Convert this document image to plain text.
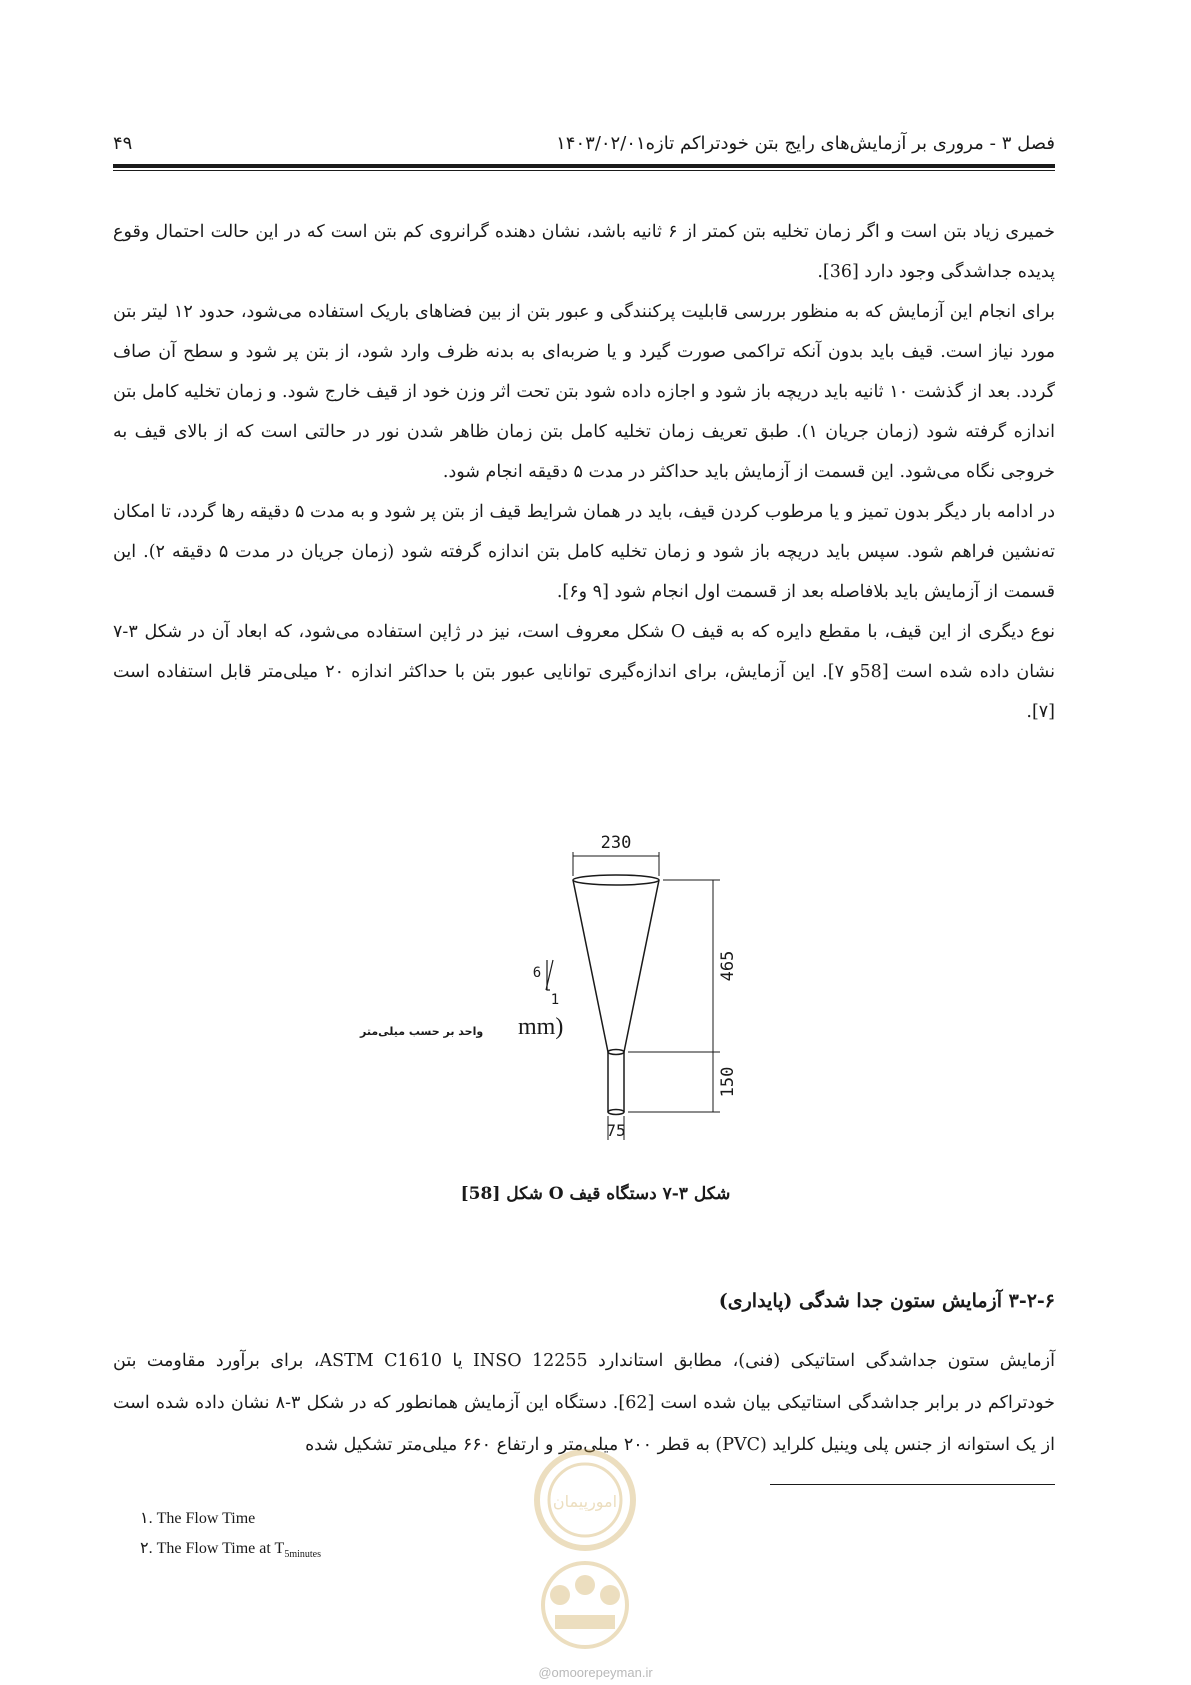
فصل ۳ - مروری بر آزمایش‌های رایج بتن خودتراکم تازه۱۴۰۳/۰۲/۰۱
۴۹

خمیری زیاد بتن است و اگر زمان تخلیه بتن کمتر از ۶ ثانیه باشد، نشان دهنده گرانروی کم بتن است که در این حالت احتمال وقوع پدیده جداشدگی وجود دارد [36].

برای انجام این آزمایش که به منظور بررسی قابلیت پرکنندگی و عبور بتن از بین فضاهای باریک استفاده می‌شود، حدود ۱۲ لیتر بتن مورد نیاز است. قیف باید بدون آنکه تراکمی صورت گیرد و یا ضربه‌ای به بدنه ظرف وارد شود، از بتن پر شود و سطح آن صاف گردد. بعد از گذشت ۱۰ ثانیه باید دریچه باز شود و اجازه داده شود بتن تحت اثر وزن خود از قیف خارج شود. و زمان تخلیه کامل بتن اندازه گرفته شود (زمان جریان ۱). طبق تعریف زمان تخلیه کامل بتن زمان ظاهر شدن نور در حالتی است که از بالای قیف به خروجی نگاه می‌شود. این قسمت از آزمایش باید حداکثر در مدت ۵ دقیقه انجام شود.

در ادامه بار دیگر بدون تمیز و یا مرطوب کردن قیف، باید در همان شرایط قیف از بتن پر شود و به مدت ۵ دقیقه رها گردد، تا امکان ته‌نشین فراهم شود. سپس باید دریچه باز شود و زمان تخلیه کامل بتن اندازه گرفته شود (زمان جریان در مدت ۵ دقیقه ۲). این قسمت از آزمایش باید بلافاصله بعد از قسمت اول انجام شود [۹ و۶].

نوع دیگری از این قیف، با مقطع دایره که به قیف O شکل معروف است، نیز در ژاپن استفاده می‌شود، که ابعاد آن در شکل ۳-۷ نشان داده شده است [58و ۷]. این آزمایش، برای اندازه‌گیری توانایی عبور بتن با حداکثر اندازه ۲۰ میلی‌متر قابل استفاده است [۷].

230
465
150
75
6
1
واحد بر حسب میلی‌متر mm)
شکل ۳-۷ دستگاه قیف O شکل [58]
۳-۲-۶ آزمایش ستون جدا شدگی (پایداری)

آزمایش ستون جداشدگی استاتیکی (فنی)، مطابق استاندارد INSO 12255 یا ASTM C1610، برای برآورد مقاومت بتن خودتراکم در برابر جداشدگی استاتیکی بیان شده است [62]. دستگاه این آزمایش همانطور که در شکل ۳-۸ نشان داده شده است از یک استوانه از جنس پلی وینیل کلراید (PVC) به قطر ۲۰۰ میلی‌متر و ارتفاع ۶۶۰ میلی‌متر تشکیل شده

۱. The Flow Time
۲. The Flow Time at $T_{5minutes}$
امورپیمان
@omoorepeyman.ir
